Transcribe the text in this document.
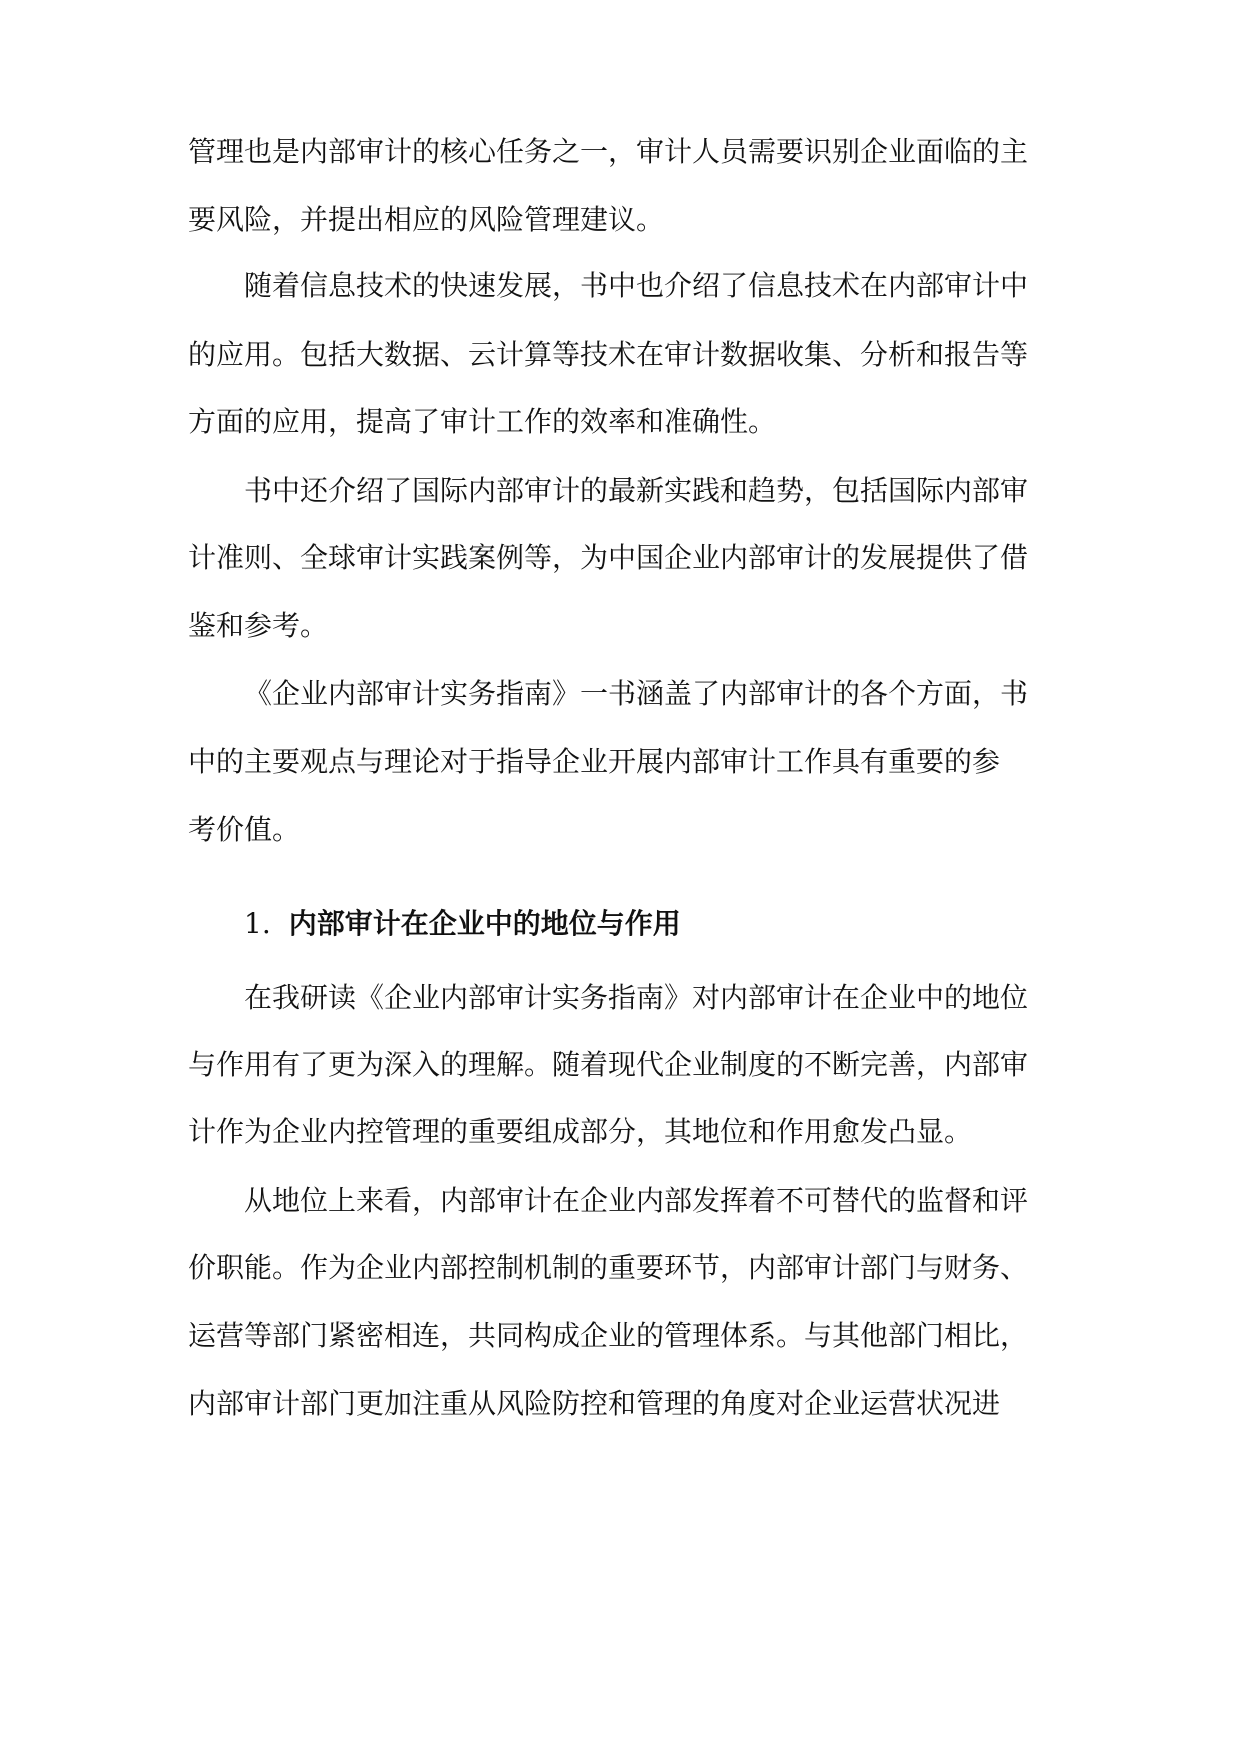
管理也是内部审计的核心任务之一，审计人员需要识别企业面临的主
要风险，并提出相应的风险管理建议。
随着信息技术的快速发展，书中也介绍了信息技术在内部审计中
的应用。包括大数据、云计算等技术在审计数据收集、分析和报告等
方面的应用，提高了审计工作的效率和准确性。
书中还介绍了国际内部审计的最新实践和趋势，包括国际内部审
计准则、全球审计实践案例等，为中国企业内部审计的发展提供了借
鉴和参考。
《企业内部审计实务指南》一书涵盖了内部审计的各个方面，书
中的主要观点与理论对于指导企业开展内部审计工作具有重要的参
考价值。
1. 内部审计在企业中的地位与作用
在我研读《企业内部审计实务指南》对内部审计在企业中的地位
与作用有了更为深入的理解。随着现代企业制度的不断完善，内部审
计作为企业内控管理的重要组成部分，其地位和作用愈发凸显。
从地位上来看，内部审计在企业内部发挥着不可替代的监督和评
价职能。作为企业内部控制机制的重要环节，内部审计部门与财务、
运营等部门紧密相连，共同构成企业的管理体系。与其他部门相比，
内部审计部门更加注重从风险防控和管理的角度对企业运营状况进
